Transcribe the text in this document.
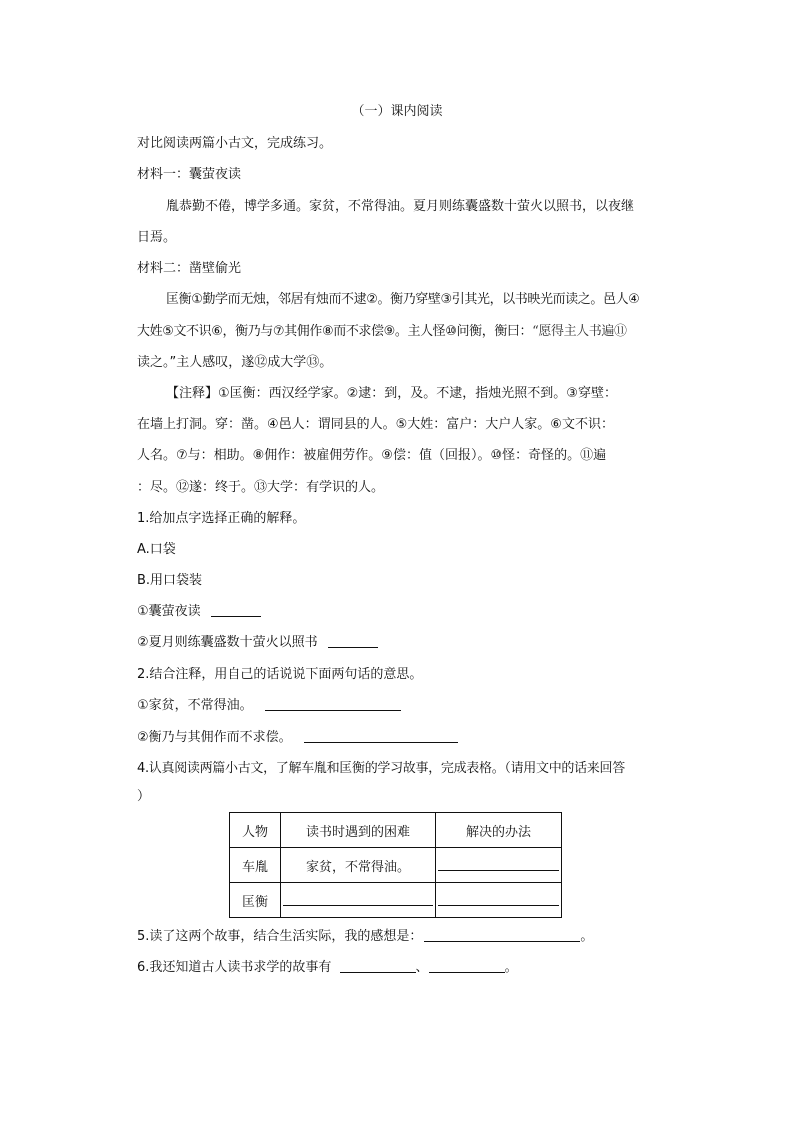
（一）课内阅读
对比阅读两篇小古文，完成练习。
材料一：囊萤夜读
胤恭勤不倦，博学多通。家贫，不常得油。夏月则练囊盛数十萤火以照书，以夜继
日焉。
材料二：凿壁偷光
匡衡①勤学而无烛，邻居有烛而不逮②。衡乃穿壁③引其光，以书映光而读之。邑人④
大姓⑤文不识⑥，衡乃与⑦其佣作⑧而不求偿⑨。主人怪⑩问衡，衡曰：“愿得主人书遍⑪
读之。”主人感叹，遂⑫成大学⑬。
【注释】①匡衡：西汉经学家。②逮：到，及。不逮，指烛光照不到。③穿壁：
在墙上打洞。穿：凿。④邑人：谓同县的人。⑤大姓：富户：大户人家。⑥文不识：
人名。⑦与：相助。⑧佣作：被雇佣劳作。⑨偿：值（回报）。⑩怪：奇怪的。⑪遍
：尽。⑫遂：终于。⑬大学：有学识的人。
1.给加点字选择正确的解释。
A.口袋
B.用口袋装
①囊萤夜读
②夏月则练囊盛数十萤火以照书
2.结合注释，用自己的话说说下面两句话的意思。
①家贫，不常得油。
②衡乃与其佣作而不求偿。
4.认真阅读两篇小古文，了解车胤和匡衡的学习故事，完成表格。（请用文中的话来回答
）
人物	读书时遇到的困难	解决的办法
车胤	家贫，不常得油。	
匡衡		
5.读了这两个故事，结合生活实际，我的感想是：	。
6.我还知道古人读书求学的故事有	、	。
